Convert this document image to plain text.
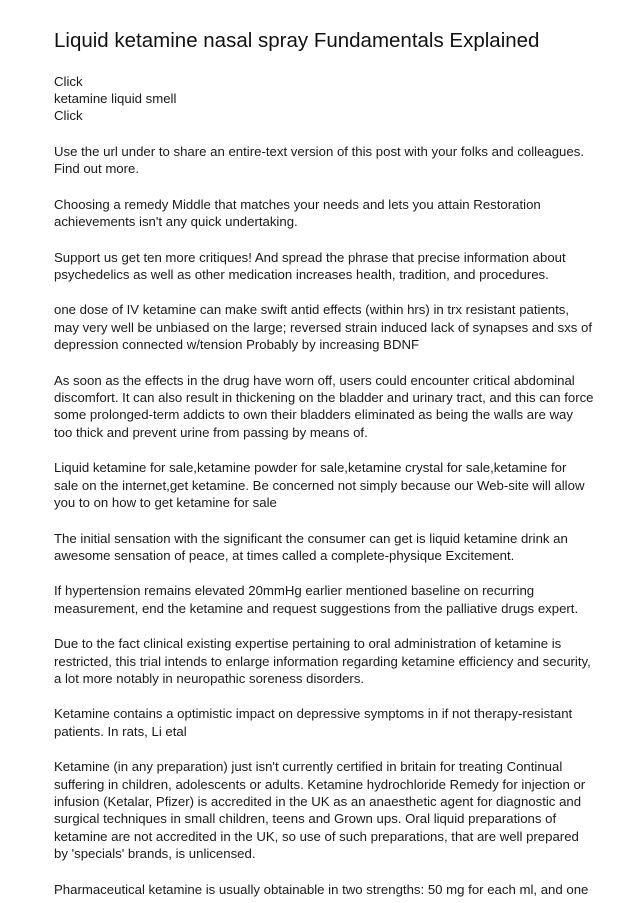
Liquid ketamine nasal spray Fundamentals Explained
Click
ketamine liquid smell
Click

Use the url under to share an entire-text version of this post with your folks and colleagues. Find out more.

Choosing a remedy Middle that matches your needs and lets you attain Restoration achievements isn't any quick undertaking.

Support us get ten more critiques! And spread the phrase that precise information about psychedelics as well as other medication increases health, tradition, and procedures.

one dose of IV ketamine can make swift antid effects (within hrs) in trx resistant patients, may very well be unbiased on the large; reversed strain induced lack of synapses and sxs of depression connected w/tension Probably by increasing BDNF

As soon as the effects in the drug have worn off, users could encounter critical abdominal discomfort. It can also result in thickening on the bladder and urinary tract, and this can force some prolonged-term addicts to own their bladders eliminated as being the walls are way too thick and prevent urine from passing by means of.

Liquid ketamine for sale,ketamine powder for sale,ketamine crystal for sale,ketamine for sale on the internet,get ketamine. Be concerned not simply because our Web-site will allow you to on how to get ketamine for sale

The initial sensation with the significant the consumer can get is liquid ketamine drink an awesome sensation of peace, at times called a complete-physique Excitement.

If hypertension remains elevated 20mmHg earlier mentioned baseline on recurring measurement, end the ketamine and request suggestions from the palliative drugs expert.

Due to the fact clinical existing expertise pertaining to oral administration of ketamine is restricted, this trial intends to enlarge information regarding ketamine efficiency and security, a lot more notably in neuropathic soreness disorders.

Ketamine contains a optimistic impact on depressive symptoms in if not therapy-resistant patients. In rats, Li etal

Ketamine (in any preparation) just isn't currently certified in britain for treating Continual suffering in children, adolescents or adults. Ketamine hydrochloride Remedy for injection or infusion (Ketalar, Pfizer) is accredited in the UK as an anaesthetic agent for diagnostic and surgical techniques in small children, teens and Grown ups. Oral liquid preparations of ketamine are not accredited in the UK, so use of such preparations, that are well prepared by 'specials' brands, is unlicensed.

Pharmaceutical ketamine is usually obtainable in two strengths: 50 mg for each ml, and one
